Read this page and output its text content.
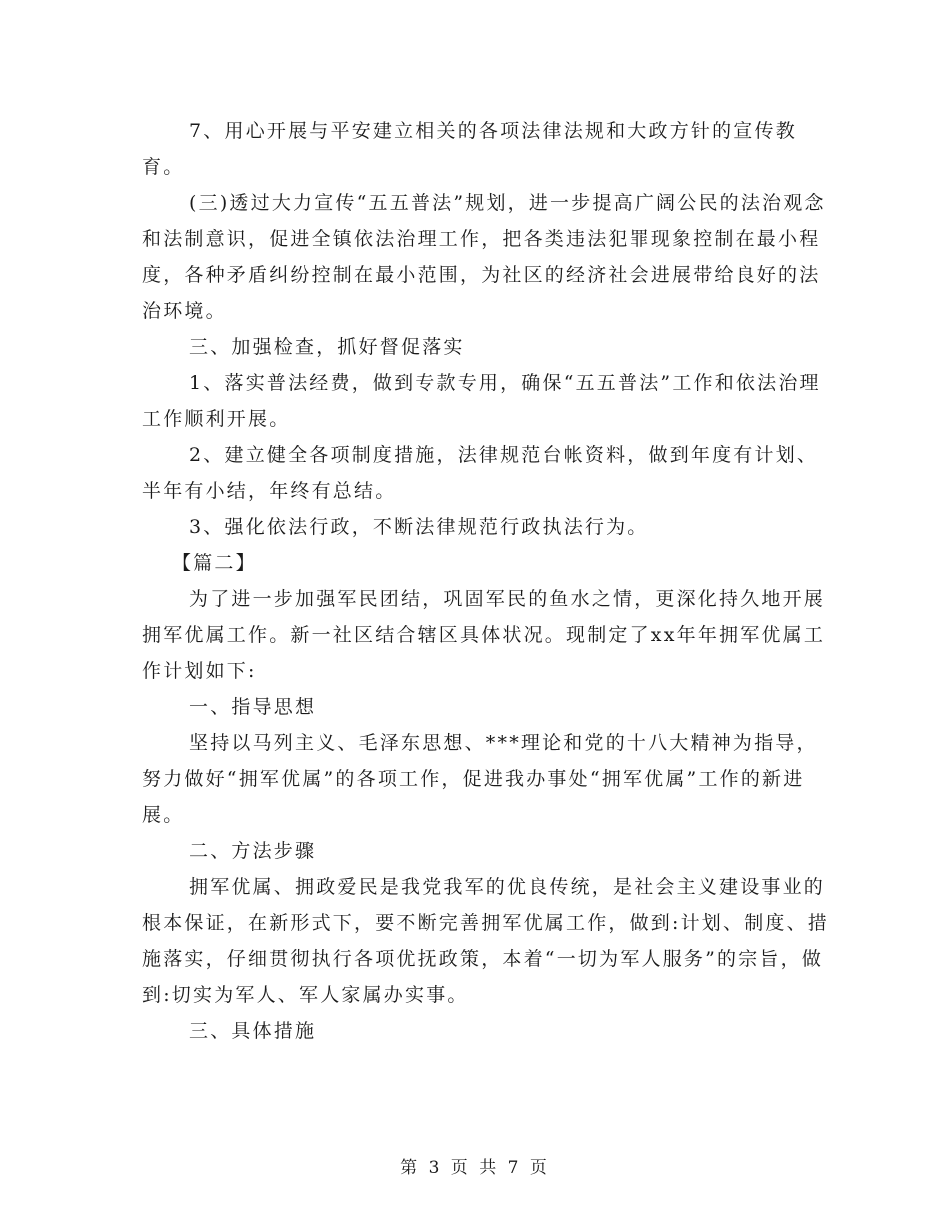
7、用心开展与平安建立相关的各项法律法规和大政方针的宣传教育。

(三)透过大力宣传“五五普法”规划，进一步提高广阔公民的法治观念和法制意识，促进全镇依法治理工作，把各类违法犯罪现象控制在最小程度，各种矛盾纠纷控制在最小范围，为社区的经济社会进展带给良好的法治环境。

三、加强检查，抓好督促落实

1、落实普法经费，做到专款专用，确保“五五普法”工作和依法治理工作顺利开展。

2、建立健全各项制度措施，法律规范台帐资料，做到年度有计划、半年有小结，年终有总结。

3、强化依法行政，不断法律规范行政执法行为。

【篇二】

为了进一步加强军民团结，巩固军民的鱼水之情，更深化持久地开展拥军优属工作。新一社区结合辖区具体状况。现制定了xx年年拥军优属工作计划如下:

一、指导思想

坚持以马列主义、毛泽东思想、***理论和党的十八大精神为指导，努力做好“拥军优属”的各项工作，促进我办事处“拥军优属”工作的新进展。

二、方法步骤

拥军优属、拥政爱民是我党我军的优良传统，是社会主义建设事业的根本保证，在新形式下，要不断完善拥军优属工作，做到:计划、制度、措施落实，仔细贯彻执行各项优抚政策，本着“一切为军人服务”的宗旨，做到:切实为军人、军人家属办实事。

三、具体措施

第 3 页 共 7 页
